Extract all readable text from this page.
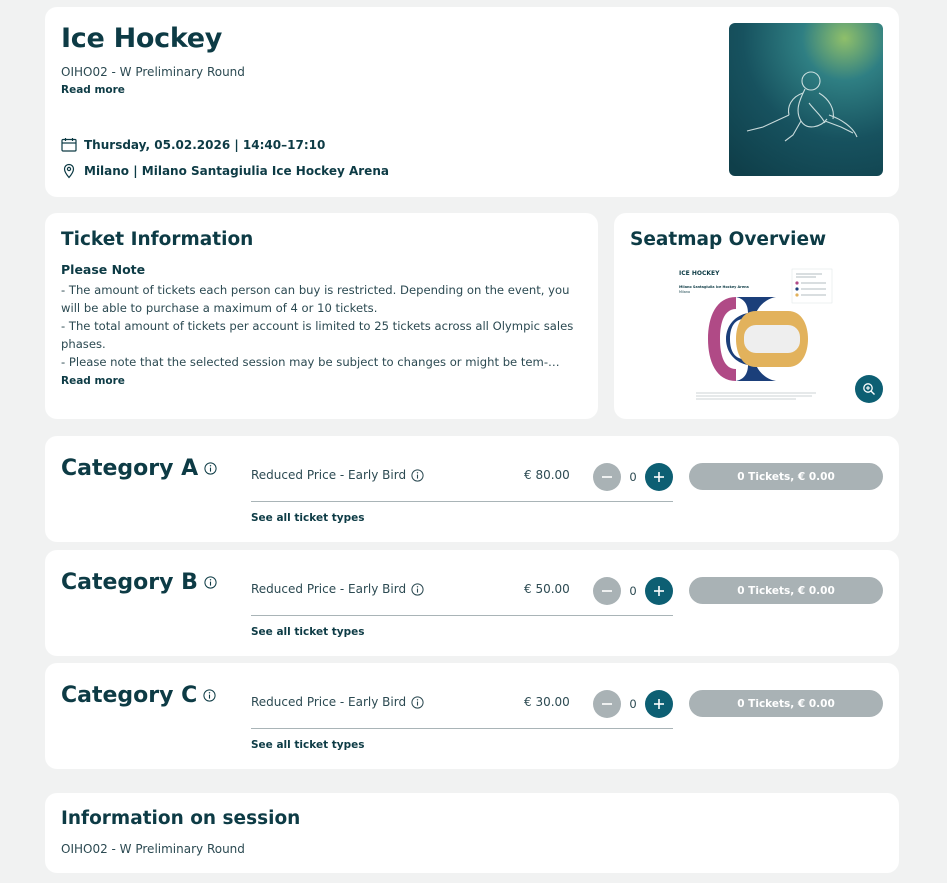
Ice Hockey
OIHO02 - W Preliminary Round
Read more
Thursday, 05.02.2026 | 14:40–17:10
Milano | Milano Santagiulia Ice Hockey Arena
Ticket Information
Please Note

- The amount of tickets each person can buy is restricted. Depending on the event, you will be able to purchase a maximum of 4 or 10 tickets.

- The total amount of tickets per account is limited to 25 tickets across all Olympic sales phases.

- Please note that the selected session may be subject to changes or might be tem-…

Read more
Seatmap Overview
ICE HOCKEY
Milano Santagiulia Ice Hockey Arena
Milano
Category A	Reduced Price - Early Bird	€ 80.00	0
See all ticket types
0 Tickets, € 0.00
Category B	Reduced Price - Early Bird	€ 50.00	0
See all ticket types
0 Tickets, € 0.00
Category C	Reduced Price - Early Bird	€ 30.00	0
See all ticket types
0 Tickets, € 0.00
Information on session
OIHO02 - W Preliminary Round
